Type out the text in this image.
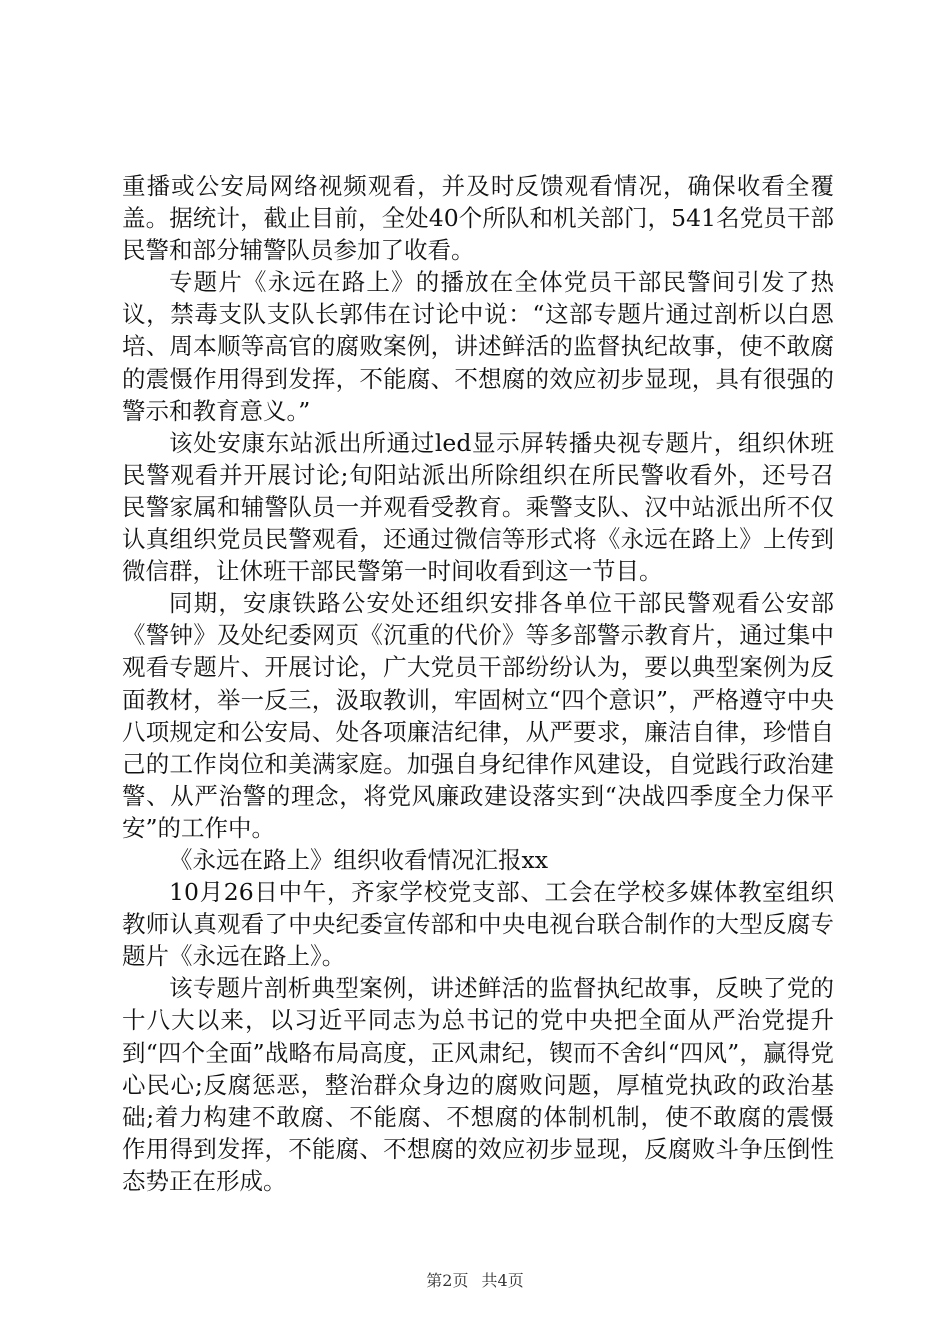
重播或公安局网络视频观看，并及时反馈观看情况，确保收看全覆盖。据统计，截止目前，全处40个所队和机关部门，541名党员干部民警和部分辅警队员参加了收看。

专题片《永远在路上》的播放在全体党员干部民警间引发了热议，禁毒支队支队长郭伟在讨论中说：“这部专题片通过剖析以白恩培、周本顺等高官的腐败案例，讲述鲜活的监督执纪故事，使不敢腐的震慑作用得到发挥，不能腐、不想腐的效应初步显现，具有很强的警示和教育意义。”

该处安康东站派出所通过led显示屏转播央视专题片，组织休班民警观看并开展讨论;旬阳站派出所除组织在所民警收看外，还号召民警家属和辅警队员一并观看受教育。乘警支队、汉中站派出所不仅认真组织党员民警观看，还通过微信等形式将《永远在路上》上传到微信群，让休班干部民警第一时间收看到这一节目。

同期，安康铁路公安处还组织安排各单位干部民警观看公安部《警钟》及处纪委网页《沉重的代价》等多部警示教育片，通过集中观看专题片、开展讨论，广大党员干部纷纷认为，要以典型案例为反面教材，举一反三，汲取教训，牢固树立“四个意识”，严格遵守中央八项规定和公安局、处各项廉洁纪律，从严要求，廉洁自律，珍惜自己的工作岗位和美满家庭。加强自身纪律作风建设，自觉践行政治建警、从严治警的理念，将党风廉政建设落实到“决战四季度全力保平安”的工作中。

《永远在路上》组织收看情况汇报xx

10月26日中午，齐家学校党支部、工会在学校多媒体教室组织教师认真观看了中央纪委宣传部和中央电视台联合制作的大型反腐专题片《永远在路上》。

该专题片剖析典型案例，讲述鲜活的监督执纪故事，反映了党的十八大以来，以习近平同志为总书记的党中央把全面从严治党提升到“四个全面”战略布局高度，正风肃纪，锲而不舍纠“四风”，赢得党心民心;反腐惩恶，整治群众身边的腐败问题，厚植党执政的政治基础;着力构建不敢腐、不能腐、不想腐的体制机制，使不敢腐的震慑作用得到发挥，不能腐、不想腐的效应初步显现，反腐败斗争压倒性态势正在形成。

第2页 共4页
